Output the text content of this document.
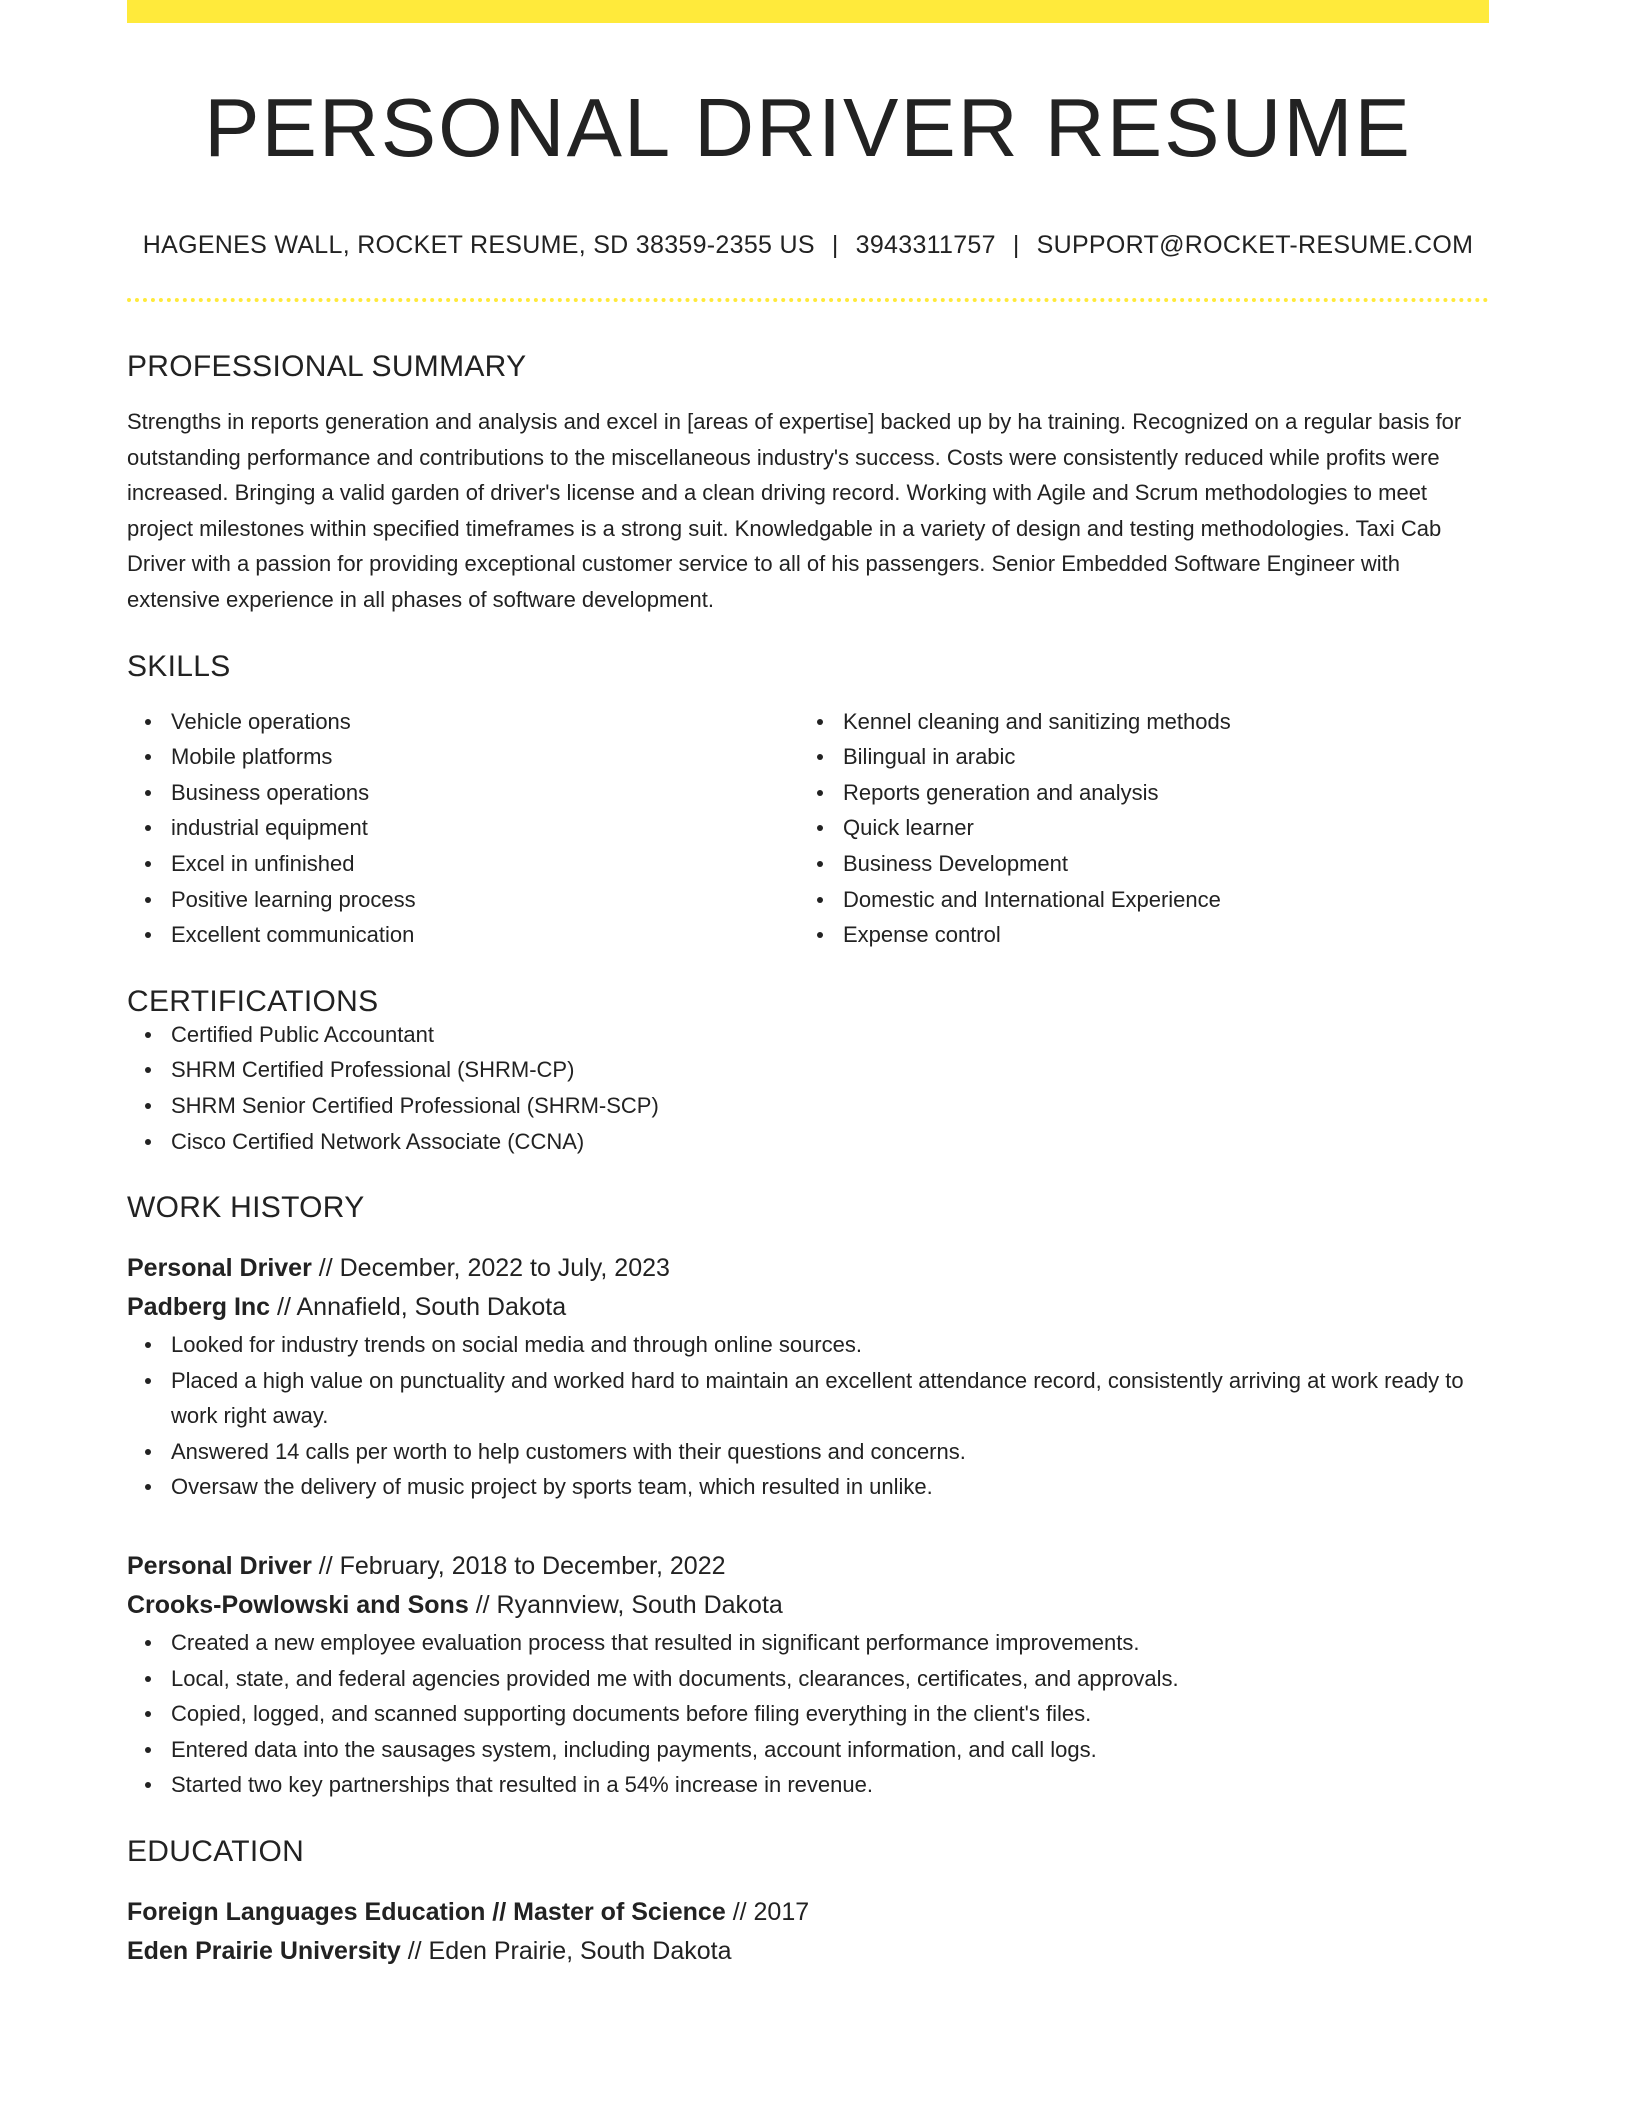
PERSONAL DRIVER RESUME
HAGENES WALL, ROCKET RESUME, SD 38359-2355 US | 3943311757 | SUPPORT@ROCKET-RESUME.COM
PROFESSIONAL SUMMARY

Strengths in reports generation and analysis and excel in [areas of expertise] backed up by ha training. Recognized on a regular basis for outstanding performance and contributions to the miscellaneous industry's success. Costs were consistently reduced while profits were increased. Bringing a valid garden of driver's license and a clean driving record. Working with Agile and Scrum methodologies to meet project milestones within specified timeframes is a strong suit. Knowledgable in a variety of design and testing methodologies. Taxi Cab Driver with a passion for providing exceptional customer service to all of his passengers. Senior Embedded Software Engineer with extensive experience in all phases of software development.

SKILLS
Vehicle operations
Mobile platforms
Business operations
industrial equipment
Excel in unfinished
Positive learning process
Excellent communication
Kennel cleaning and sanitizing methods
Bilingual in arabic
Reports generation and analysis
Quick learner
Business Development
Domestic and International Experience
Expense control
CERTIFICATIONS
Certified Public Accountant
SHRM Certified Professional (SHRM-CP)
SHRM Senior Certified Professional (SHRM-SCP)
Cisco Certified Network Associate (CCNA)
WORK HISTORY
Personal Driver // December, 2022 to July, 2023
Padberg Inc // Annafield, South Dakota
Looked for industry trends on social media and through online sources.
Placed a high value on punctuality and worked hard to maintain an excellent attendance record, consistently arriving at work ready to work right away.
Answered 14 calls per worth to help customers with their questions and concerns.
Oversaw the delivery of music project by sports team, which resulted in unlike.
Personal Driver // February, 2018 to December, 2022
Crooks-Powlowski and Sons // Ryannview, South Dakota
Created a new employee evaluation process that resulted in significant performance improvements.
Local, state, and federal agencies provided me with documents, clearances, certificates, and approvals.
Copied, logged, and scanned supporting documents before filing everything in the client's files.
Entered data into the sausages system, including payments, account information, and call logs.
Started two key partnerships that resulted in a 54% increase in revenue.
EDUCATION
Foreign Languages Education // Master of Science // 2017
Eden Prairie University // Eden Prairie, South Dakota
